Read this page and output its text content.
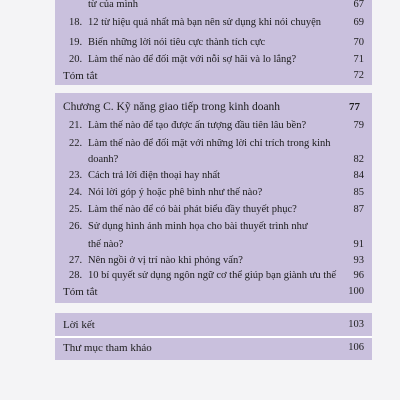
từ của mình	67
18. 12 từ hiệu quả nhất mà bạn nên sử dụng khi nói chuyện	69
19. Biến những lời nói tiêu cực thành tích cực	70
20. Làm thế nào để đối mặt với nỗi sợ hãi và lo lắng?	71
Tóm tắt	72
Chương C. Kỹ năng giao tiếp trong kinh doanh	77
21. Làm thế nào để tạo được ấn tượng đầu tiên lâu bền?	79
22. Làm thế nào để đối mặt với những lời chỉ trích trong kinh
doanh?	82
23. Cách trả lời điện thoại hay nhất	84
24. Nói lời góp ý hoặc phê bình như thế nào?	85
25. Làm thế nào để có bài phát biểu đầy thuyết phục?	87
26. Sử dụng hình ảnh minh họa cho bài thuyết trình như
thế nào?	91
27. Nên ngồi ở vị trí nào khi phỏng vấn?	93
28. 10 bí quyết sử dụng ngôn ngữ cơ thể giúp bạn giành ưu thế	96
Tóm tắt	100
Lời kết	103
Thư mục tham khảo	106
